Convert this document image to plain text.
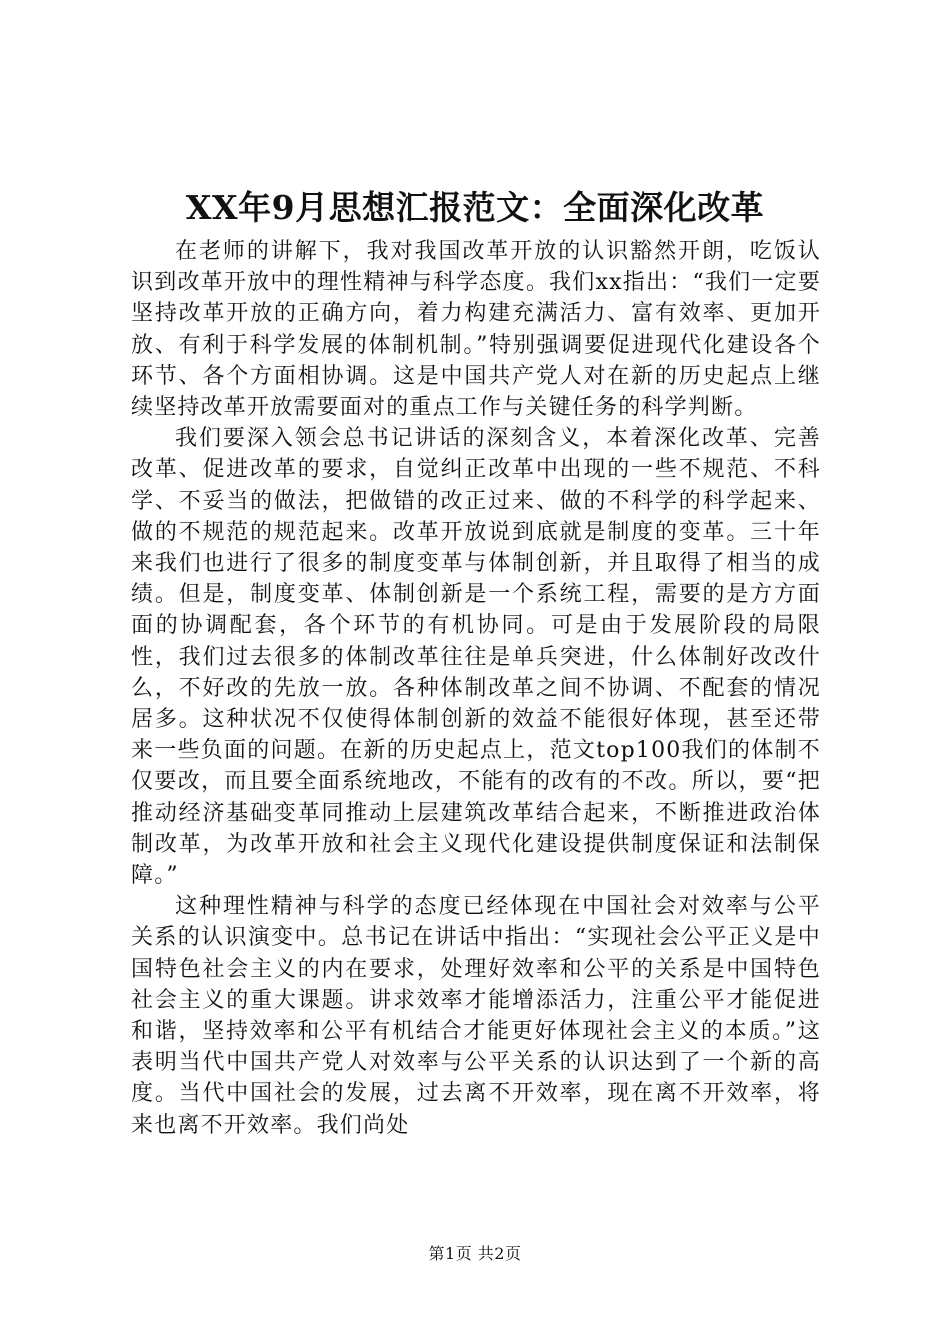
XX年9月思想汇报范文：全面深化改革

在老师的讲解下，我对我国改革开放的认识豁然开朗，吃饭认识到改革开放中的理性精神与科学态度。我们xx指出：“我们一定要坚持改革开放的正确方向，着力构建充满活力、富有效率、更加开放、有利于科学发展的体制机制。”特别强调要促进现代化建设各个环节、各个方面相协调。这是中国共产党人对在新的历史起点上继续坚持改革开放需要面对的重点工作与关键任务的科学判断。

我们要深入领会总书记讲话的深刻含义，本着深化改革、完善改革、促进改革的要求，自觉纠正改革中出现的一些不规范、不科学、不妥当的做法，把做错的改正过来、做的不科学的科学起来、做的不规范的规范起来。改革开放说到底就是制度的变革。三十年来我们也进行了很多的制度变革与体制创新，并且取得了相当的成绩。但是，制度变革、体制创新是一个系统工程，需要的是方方面面的协调配套，各个环节的有机协同。可是由于发展阶段的局限性，我们过去很多的体制改革往往是单兵突进，什么体制好改改什么，不好改的先放一放。各种体制改革之间不协调、不配套的情况居多。这种状况不仅使得体制创新的效益不能很好体现，甚至还带来一些负面的问题。在新的历史起点上，范文top100我们的体制不仅要改，而且要全面系统地改，不能有的改有的不改。所以，要“把推动经济基础变革同推动上层建筑改革结合起来，不断推进政治体制改革，为改革开放和社会主义现代化建设提供制度保证和法制保障。”

这种理性精神与科学的态度已经体现在中国社会对效率与公平关系的认识演变中。总书记在讲话中指出：“实现社会公平正义是中国特色社会主义的内在要求，处理好效率和公平的关系是中国特色社会主义的重大课题。讲求效率才能增添活力，注重公平才能促进和谐，坚持效率和公平有机结合才能更好体现社会主义的本质。”这表明当代中国共产党人对效率与公平关系的认识达到了一个新的高度。当代中国社会的发展，过去离不开效率，现在离不开效率，将来也离不开效率。我们尚处

第1页 共2页
